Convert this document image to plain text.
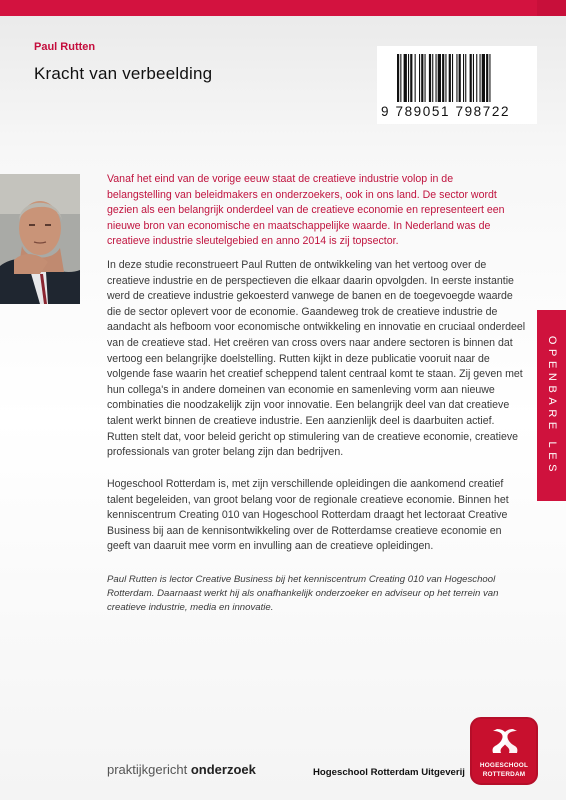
Paul Rutten
Kracht van verbeelding
9 789051 798722
Vanaf het eind van de vorige eeuw staat de creatieve industrie volop in de belangstelling van beleidmakers en onderzoekers, ook in ons land. De sector wordt gezien als een belangrijk onderdeel van de creatieve economie en representeert een nieuwe bron van economische en maatschappelijke waarde. In Nederland was de creatieve industrie sleutelgebied en anno 2014 is zij topsector.
In deze studie reconstrueert Paul Rutten de ontwikkeling van het vertoog over de creatieve industrie en de perspectieven die elkaar daarin opvolgden. In eerste instantie werd de creatieve industrie gekoesterd vanwege de banen en de toegevoegde waarde die de sector oplevert voor de economie. Gaandeweg trok de creatieve industrie de aandacht als hefboom voor economische ontwikkeling en innovatie en cruciaal onderdeel van de creatieve stad. Het creëren van cross overs naar andere sectoren is binnen dat vertoog een belangrijke doelstelling. Rutten kijkt in deze publicatie vooruit naar de volgende fase waarin het creatief scheppend talent centraal komt te staan. Zij geven met hun collega's in andere domeinen van economie en samenleving vorm aan nieuwe combinaties die noodzakelijk zijn voor innovatie. Een belangrijk deel van dat creatieve talent werkt binnen de creatieve industrie. Een aanzienlijk deel is daarbuiten actief. Rutten stelt dat, voor beleid gericht op stimulering van de creatieve economie, creatieve professionals van groter belang zijn dan bedrijven.
Hogeschool Rotterdam is, met zijn verschillende opleidingen die aankomend creatief talent begeleiden, van groot belang voor de regionale creatieve economie. Binnen het kenniscentrum Creating 010 van Hogeschool Rotterdam draagt het lectoraat Creative Business bij aan de kennisontwikkeling over de Rotterdamse creatieve economie en geeft van daaruit mee vorm en invulling aan de creatieve opleidingen.
Paul Rutten is lector Creative Business bij het kenniscentrum Creating 010 van Hogeschool Rotterdam. Daarnaast werkt hij als onafhankelijk onderzoeker en adviseur op het terrein van creatieve industrie, media en innovatie.
OPENBARE LES
praktijkgericht onderzoek	Hogeschool Rotterdam Uitgeverij
HOGESCHOOL
ROTTERDAM
